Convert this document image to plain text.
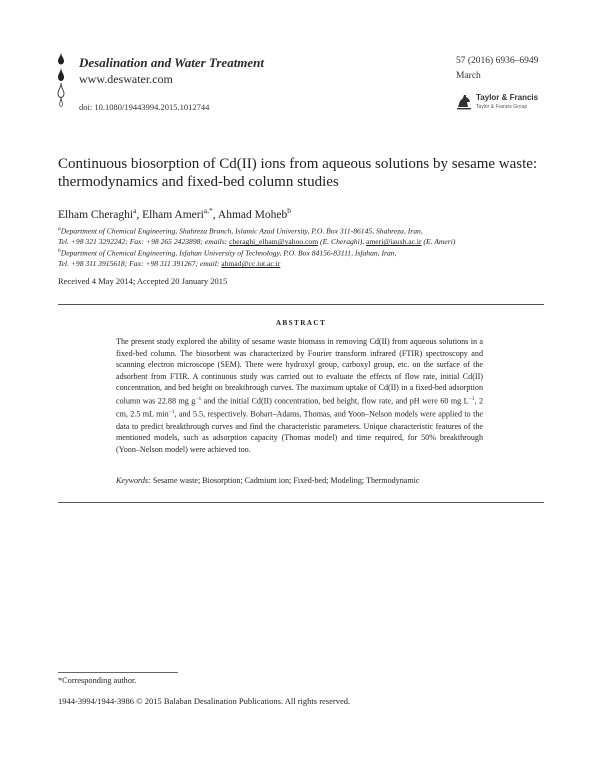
Desalination and Water Treatment
www.deswater.com
doi: 10.1080/19443994.2015.1012744
57 (2016) 6936–6949
March
Taylor & Francis
Taylor & Francis Group
Continuous biosorption of Cd(II) ions from aqueous solutions by sesame waste: thermodynamics and fixed-bed column studies
Elham Cheraghi$^a$, Elham Ameri$^{a,*}$, Ahmad Moheb$^b$
$^a$Department of Chemical Engineering, Shahreza Branch, Islamic Azad University, P.O. Box 311-86145, Shahreza, Iran,
Tel. +98 321 3292242; Fax: +98 265 2423898; emails: cheraghi_elham@yahoo.com (E. Cheraghi), ameri@iaush.ac.ir (E. Ameri)
$^b$Department of Chemical Engineering, Isfahan University of Technology, P.O. Box 84156-83111, Isfahan, Iran,
Tel. +98 311 3915618; Fax: +98 311 391267; email: ahmad@cc.iut.ac.ir
Received 4 May 2014; Accepted 20 January 2015
ABSTRACT
The present study explored the ability of sesame waste biomass in removing Cd(II) from aqueous solutions in a fixed-bed column. The biosorbent was characterized by Fourier transform infrared (FTIR) spectroscopy and scanning electron microscope (SEM). There were hydroxyl group, carboxyl group, etc. on the surface of the adsorbent from FTIR. A continuous study was carried out to evaluate the effects of flow rate, initial Cd(II) concentration, and bed height on breakthrough curves. The maximum uptake of Cd(II) in a fixed-bed adsorption column was 22.88 mg $g^{-1}$ and the initial Cd(II) concentration, bed height, flow rate, and pH were 60 mg $L^{-1}$, 2 cm, 2.5 mL $\min^{-1}$, and 5.5, respectively. Bohart–Adams, Thomas, and Yoon–Nelson models were applied to the data to predict breakthrough curves and find the characteristic parameters. Unique characteristic features of the mentioned models, such as adsorption capacity (Thomas model) and time required, for 50% breakthrough (Yoon–Nelson model) were achieved too.
Keywords: Sesame waste; Biosorption; Cadmium ion; Fixed-bed; Modeling; Thermodynamic
*Corresponding author.
1944-3994/1944-3986 © 2015 Balaban Desalination Publications. All rights reserved.
